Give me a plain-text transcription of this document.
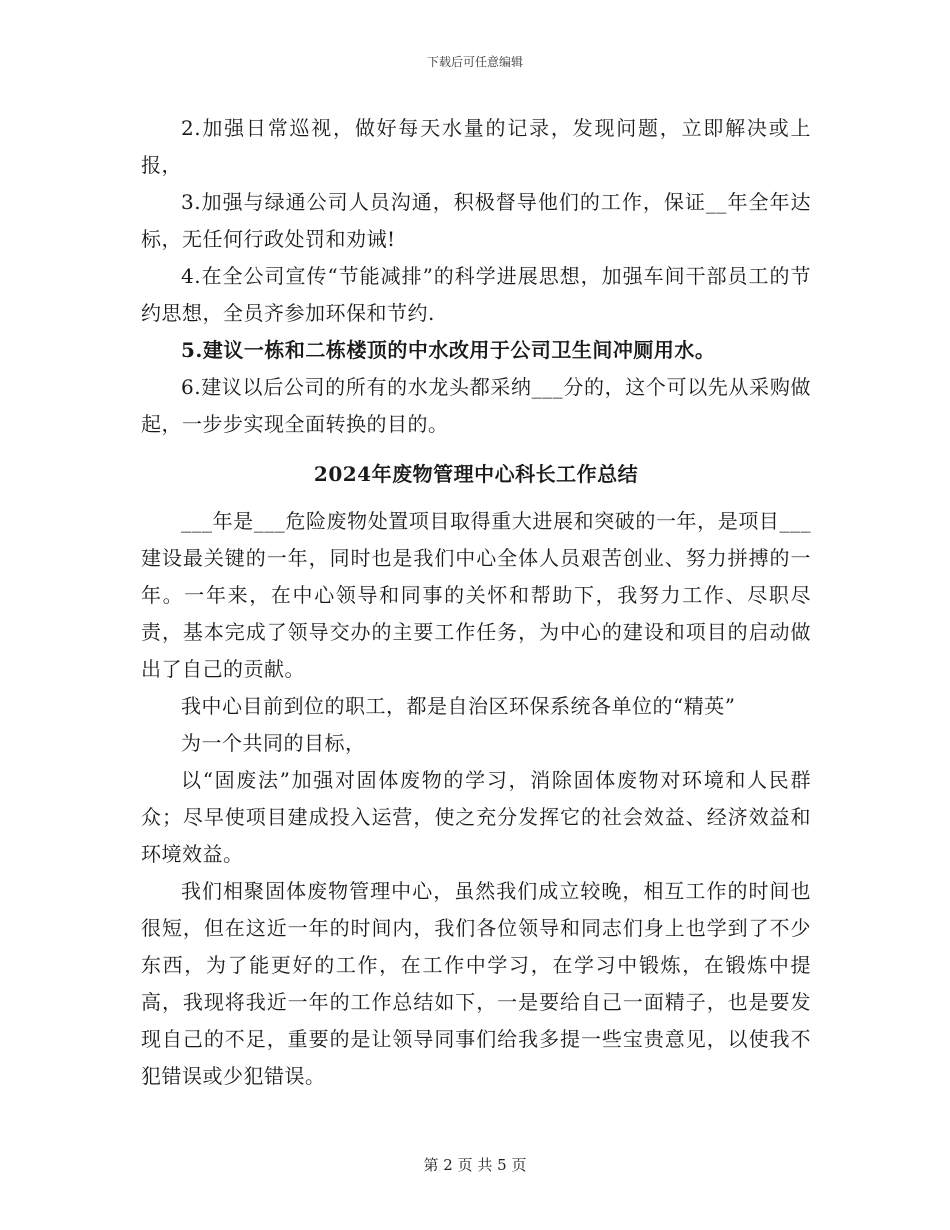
下载后可任意编辑

2.加强日常巡视，做好每天水量的记录，发现问题，立即解决或上报，

3.加强与绿通公司人员沟通，积极督导他们的工作，保证__年全年达标，无任何行政处罚和劝诫!

4.在全公司宣传“节能减排”的科学进展思想，加强车间干部员工的节约思想，全员齐参加环保和节约.

5.建议一栋和二栋楼顶的中水改用于公司卫生间冲厕用水。

6.建议以后公司的所有的水龙头都采纳___分的，这个可以先从采购做起，一步步实现全面转换的目的。

2024年废物管理中心科长工作总结

___年是___危险废物处置项目取得重大进展和突破的一年，是项目___建设最关键的一年，同时也是我们中心全体人员艰苦创业、努力拼搏的一年。一年来，在中心领导和同事的关怀和帮助下，我努力工作、尽职尽责，基本完成了领导交办的主要工作任务，为中心的建设和项目的启动做出了自己的贡献。

我中心目前到位的职工，都是自治区环保系统各单位的“精英”

为一个共同的目标，

以“固废法”加强对固体废物的学习，消除固体废物对环境和人民群众；尽早使项目建成投入运营，使之充分发挥它的社会效益、经济效益和环境效益。

我们相聚固体废物管理中心，虽然我们成立较晚，相互工作的时间也很短，但在这近一年的时间内，我们各位领导和同志们身上也学到了不少东西，为了能更好的工作，在工作中学习，在学习中锻炼，在锻炼中提高，我现将我近一年的工作总结如下，一是要给自己一面精子，也是要发现自己的不足，重要的是让领导同事们给我多提一些宝贵意见，以使我不犯错误或少犯错误。

第 2 页 共 5 页
